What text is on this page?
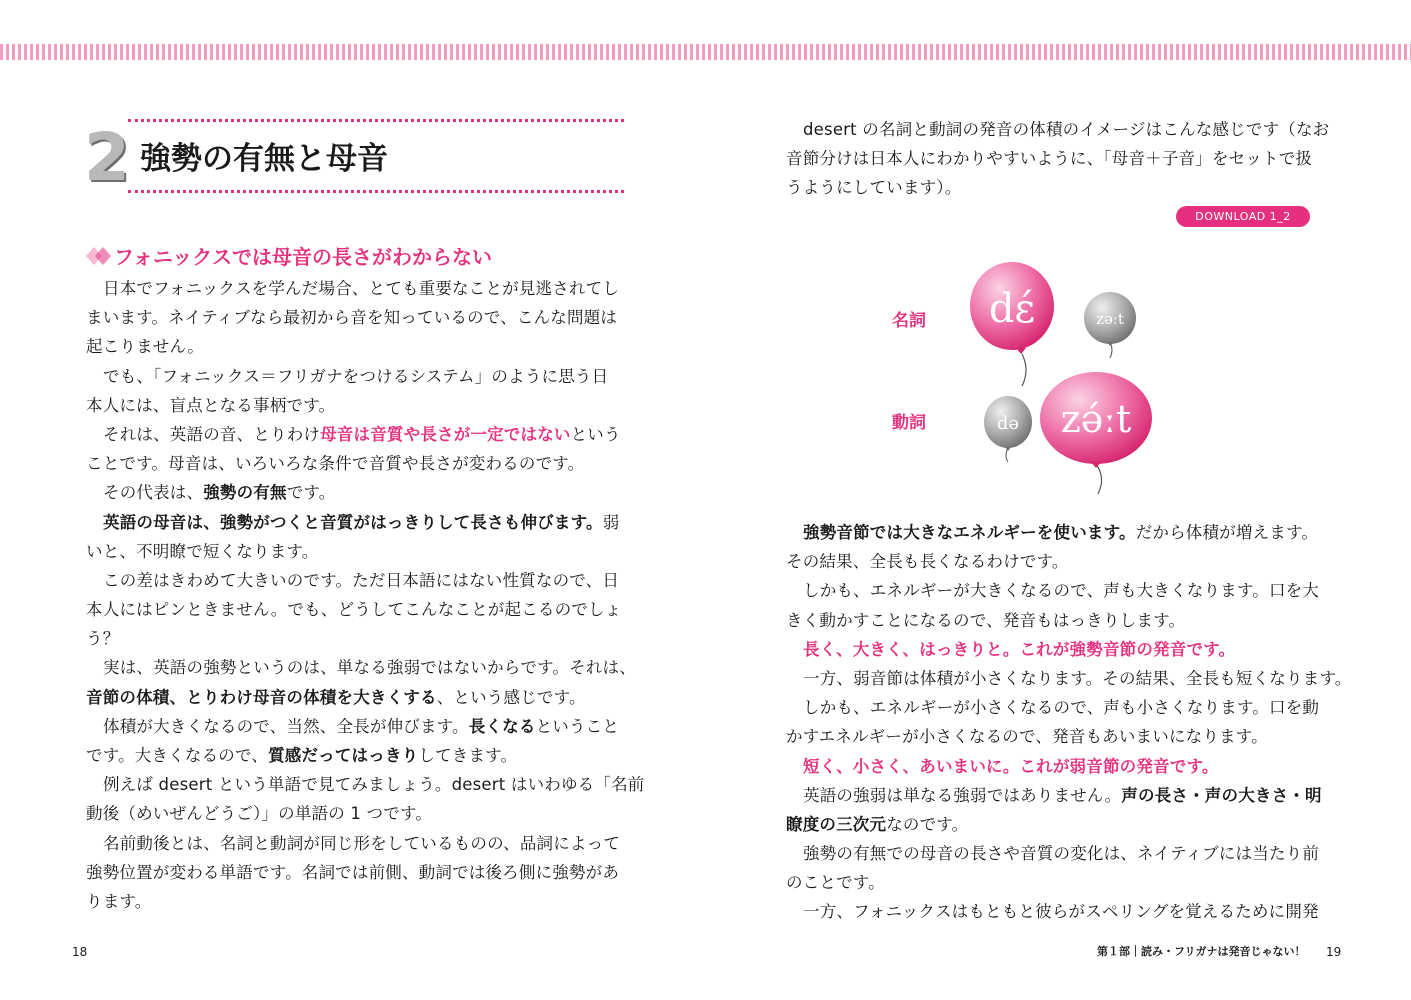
2 強勢の有無と母音
フォニックスでは母音の長さがわからない
日本でフォニックスを学んだ場合、とても重要なことが見逃されてし
まいます。ネイティブなら最初から音を知っているので、こんな問題は
起こりません。
でも、「フォニックス＝フリガナをつけるシステム」のように思う日
本人には、盲点となる事柄です。
それは、英語の音、とりわけ母音は音質や長さが一定ではないという
ことです。母音は、いろいろな条件で音質や長さが変わるのです。
その代表は、強勢の有無です。
英語の母音は、強勢がつくと音質がはっきりして長さも伸びます。弱
いと、不明瞭で短くなります。
この差はきわめて大きいのです。ただ日本語にはない性質なので、日
本人にはピンときません。でも、どうしてこんなことが起こるのでしょ
う？
実は、英語の強勢というのは、単なる強弱ではないからです。それは、
音節の体積、とりわけ母音の体積を大きくする、という感じです。
体積が大きくなるので、当然、全長が伸びます。長くなるということ
です。大きくなるので、質感だってはっきりしてきます。
例えば desert という単語で見てみましょう。desert はいわゆる「名前
動後（めいぜんどうご）」の単語の 1 つです。
名前動後とは、名詞と動詞が同じ形をしているものの、品詞によって
強勢位置が変わる単語です。名詞では前側、動詞では後ろ側に強勢があ
ります。
desert の名詞と動詞の発音の体積のイメージはこんな感じです（なお
音節分けは日本人にわかりやすいように、「母音＋子音」をセットで扱
うようにしています）。
DOWNLOAD 1_2
名詞
動詞
dɛ́	zəːt
də zə́ːt
強勢音節では大きなエネルギーを使います。だから体積が増えます。
その結果、全長も長くなるわけです。
しかも、エネルギーが大きくなるので、声も大きくなります。口を大
きく動かすことになるので、発音もはっきりします。
長く、大きく、はっきりと。これが強勢音節の発音です。
一方、弱音節は体積が小さくなります。その結果、全長も短くなります。
しかも、エネルギーが小さくなるので、声も小さくなります。口を動
かすエネルギーが小さくなるので、発音もあいまいになります。
短く、小さく、あいまいに。これが弱音節の発音です。
英語の強弱は単なる強弱ではありません。声の長さ・声の大きさ・明
瞭度の三次元なのです。
強勢の有無での母音の長さや音質の変化は、ネイティブには当たり前
のことです。
一方、フォニックスはもともと彼らがスペリングを覚えるために開発
18	第１部｜読み・フリガナは発音じゃない！ 19
